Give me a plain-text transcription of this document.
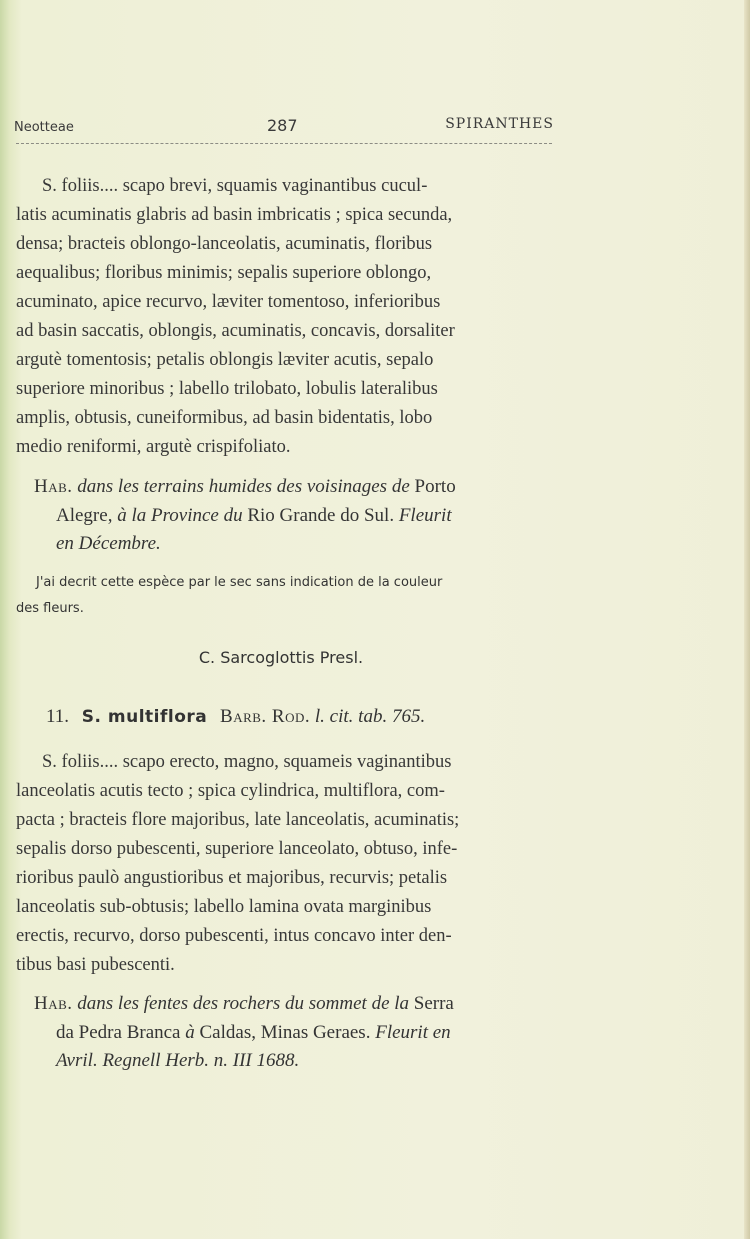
Neotteae	287	SPIRANTHES
S. foliis.... scapo brevi, squamis vaginantibus cucul-
latis acuminatis glabris ad basin imbricatis ; spica secunda,
densa; bracteis oblongo-lanceolatis, acuminatis, floribus
aequalibus; floribus minimis; sepalis superiore oblongo,
acuminato, apice recurvo, læviter tomentoso, inferioribus
ad basin saccatis, oblongis, acuminatis, concavis, dorsaliter
argutè tomentosis; petalis oblongis læviter acutis, sepalo
superiore minoribus ; labello trilobato, lobulis lateralibus
amplis, obtusis, cuneiformibus, ad basin bidentatis, lobo
medio reniformi, argutè crispifoliato.
Hab. dans les terrains humides des voisinages de Porto
Alegre, à la Province du Rio Grande do Sul. Fleurit
en Décembre.
J'ai decrit cette espèce par le sec sans indication de la couleur
des fleurs.
C. Sarcoglottis Presl.
11. S. multiflora Barb. Rod. l. cit. tab. 765.
S. foliis.... scapo erecto, magno, squameis vaginantibus
lanceolatis acutis tecto ; spica cylindrica, multiflora, com-
pacta ; bracteis flore majoribus, late lanceolatis, acuminatis;
sepalis dorso pubescenti, superiore lanceolato, obtuso, infe-
rioribus paulò angustioribus et majoribus, recurvis; petalis
lanceolatis sub-obtusis; labello lamina ovata marginibus
erectis, recurvo, dorso pubescenti, intus concavo inter den-
tibus basi pubescenti.
Hab. dans les fentes des rochers du sommet de la Serra
da Pedra Branca à Caldas, Minas Geraes. Fleurit en
Avril. Regnell Herb. n. III 1688.
